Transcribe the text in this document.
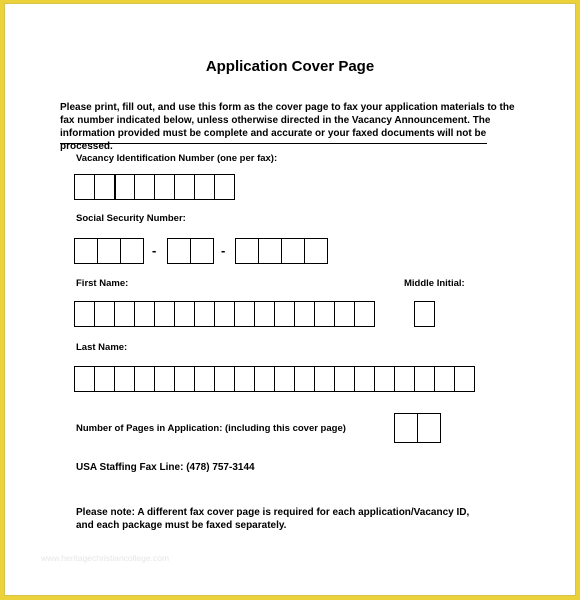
Application Cover Page
Please print, fill out, and use this form as the cover page to fax your application materials to the fax number indicated below, unless otherwise directed in the Vacancy Announcement. The information provided must be complete and accurate or your faxed documents will not be processed.
Vacancy Identification Number (one per fax):
Social Security Number:
-	-
First Name:	Middle Initial:
Last Name:
Number of Pages in Application: (including this cover page)
USA Staffing Fax Line: (478) 757-3144
Please note: A different fax cover page is required for each application/Vacancy ID, and each package must be faxed separately.
www.heritagechristiancollege.com
